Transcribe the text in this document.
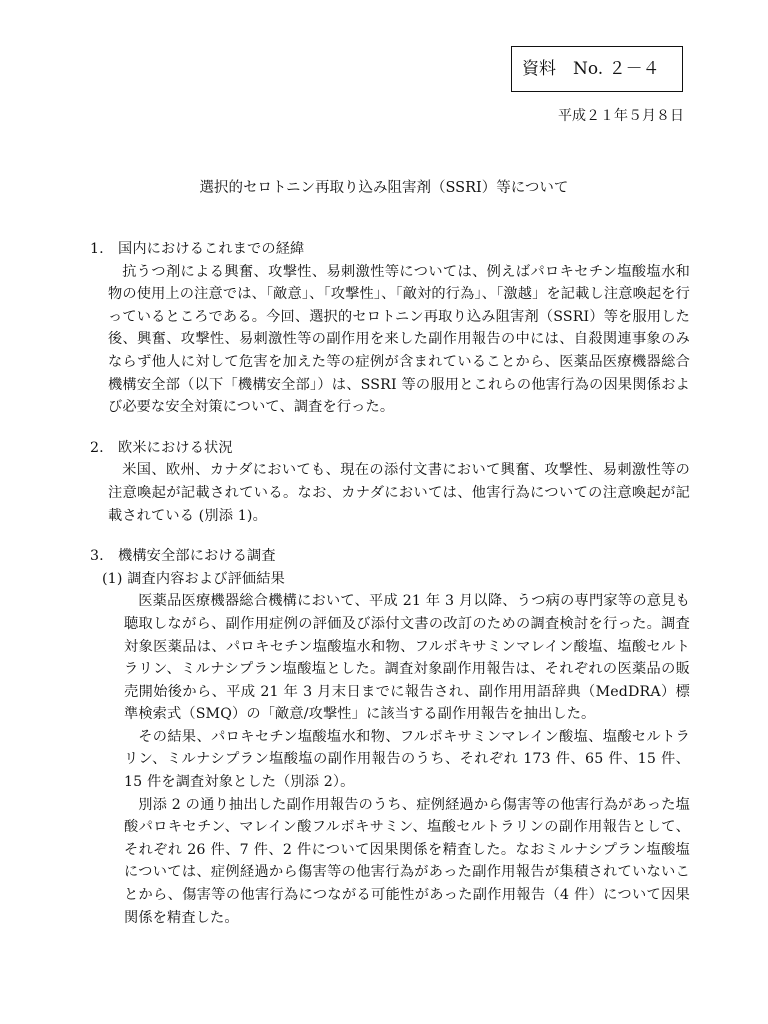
資料　No. ２－４
平成２１年５月８日
選択的セロトニン再取り込み阻害剤（SSRI）等について
1. 国内におけるこれまでの経緯

抗うつ剤による興奮、攻撃性、易刺激性等については、例えばパロキセチン塩酸塩水和物の使用上の注意では、「敵意」、「攻撃性」、「敵対的行為」、「激越」を記載し注意喚起を行っているところである。今回、選択的セロトニン再取り込み阻害剤（SSRI）等を服用した後、興奮、攻撃性、易刺激性等の副作用を来した副作用報告の中には、自殺関連事象のみならず他人に対して危害を加えた等の症例が含まれていることから、医薬品医療機器総合機構安全部（以下「機構安全部」）は、SSRI 等の服用とこれらの他害行為の因果関係および必要な安全対策について、調査を行った。

2. 欧米における状況

米国、欧州、カナダにおいても、現在の添付文書において興奮、攻撃性、易刺激性等の注意喚起が記載されている。なお、カナダにおいては、他害行為についての注意喚起が記載されている (別添 1)。

3. 機構安全部における調査
(1) 調査内容および評価結果

医薬品医療機器総合機構において、平成 21 年 3 月以降、うつ病の専門家等の意見も聴取しながら、副作用症例の評価及び添付文書の改訂のための調査検討を行った。調査対象医薬品は、パロキセチン塩酸塩水和物、フルボキサミンマレイン酸塩、塩酸セルトラリン、ミルナシプラン塩酸塩とした。調査対象副作用報告は、それぞれの医薬品の販売開始後から、平成 21 年 3 月末日までに報告され、副作用用語辞典（MedDRA）標準検索式（SMQ）の「敵意/攻撃性」に該当する副作用報告を抽出した。

その結果、パロキセチン塩酸塩水和物、フルボキサミンマレイン酸塩、塩酸セルトラリン、ミルナシプラン塩酸塩の副作用報告のうち、それぞれ 173 件、65 件、15 件、15 件を調査対象とした（別添 2）。

別添 2 の通り抽出した副作用報告のうち、症例経過から傷害等の他害行為があった塩酸パロキセチン、マレイン酸フルボキサミン、塩酸セルトラリンの副作用報告として、それぞれ 26 件、7 件、2 件について因果関係を精査した。なおミルナシプラン塩酸塩については、症例経過から傷害等の他害行為があった副作用報告が集積されていないことから、傷害等の他害行為につながる可能性があった副作用報告（4 件）について因果関係を精査した。
